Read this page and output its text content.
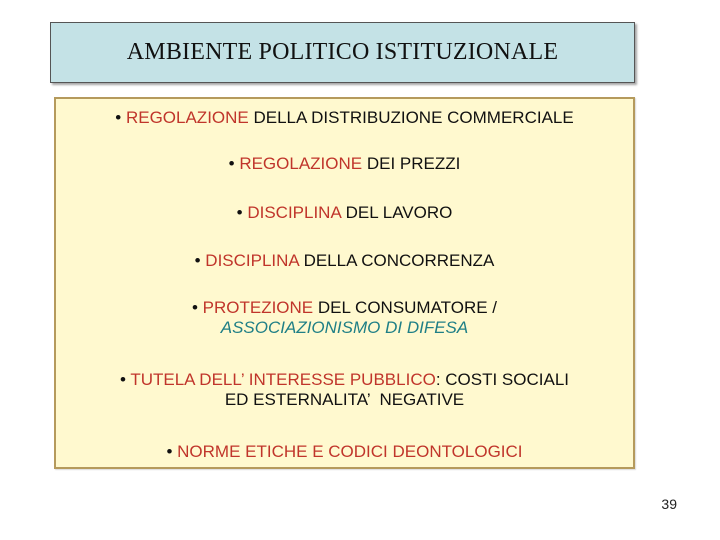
AMBIENTE POLITICO ISTITUZIONALE
• REGOLAZIONE DELLA DISTRIBUZIONE COMMERCIALE
• REGOLAZIONE DEI PREZZI
• DISCIPLINA DEL LAVORO
• DISCIPLINA DELLA CONCORRENZA
• PROTEZIONE DEL CONSUMATORE /
ASSOCIAZIONISMO DI DIFESA
• TUTELA DELL’ INTERESSE PUBBLICO: COSTI SOCIALI
ED ESTERNALITA’  NEGATIVE
• NORME ETICHE E CODICI DEONTOLOGICI
39
